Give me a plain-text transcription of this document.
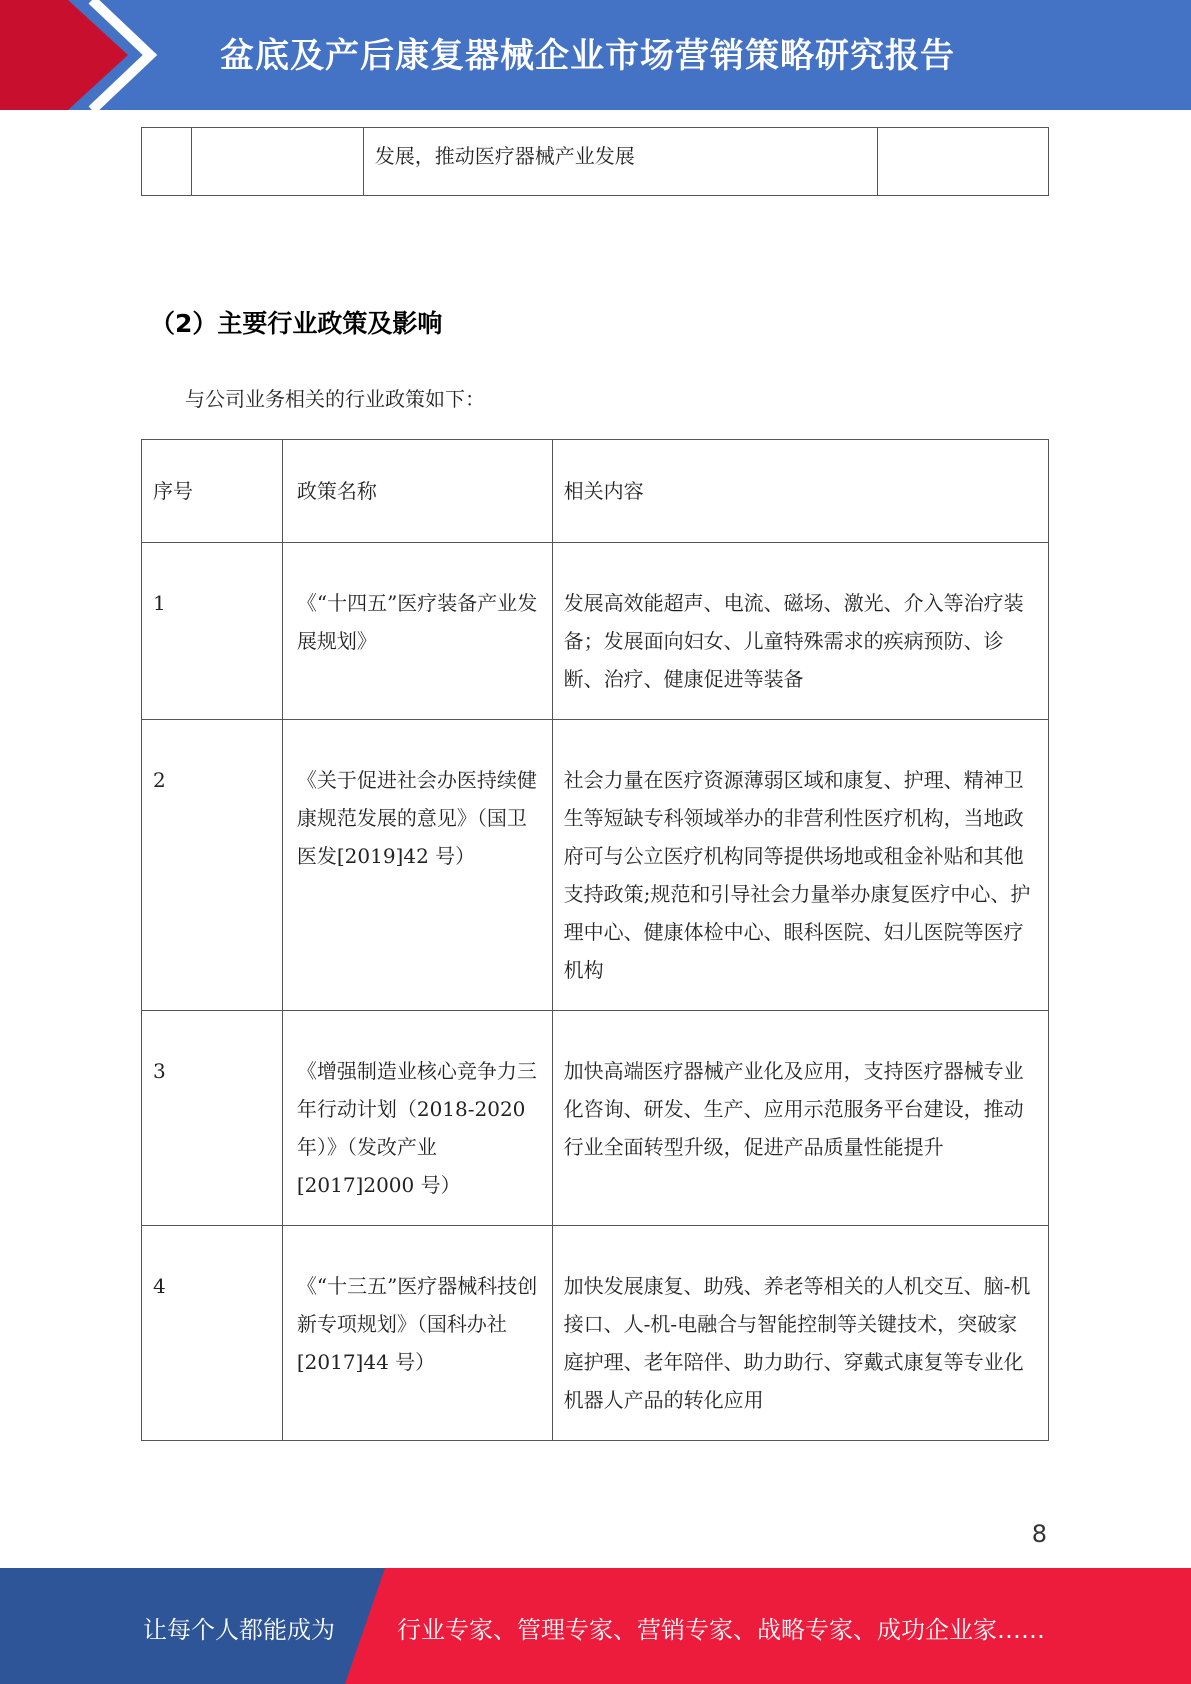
盆底及产后康复器械企业市场营销策略研究报告
		发展，推动医疗器械产业发展	
（2）主要行业政策及影响
与公司业务相关的行业政策如下：
序号	政策名称	相关内容
1	《“十四五”医疗装备产业发展规划》	发展高效能超声、电流、磁场、激光、介入等治疗装备；发展面向妇女、儿童特殊需求的疾病预防、诊断、治疗、健康促进等装备
2	《关于促进社会办医持续健康规范发展的意见》（国卫医发[2019]42 号）	社会力量在医疗资源薄弱区域和康复、护理、精神卫生等短缺专科领域举办的非营利性医疗机构，当地政府可与公立医疗机构同等提供场地或租金补贴和其他支持政策;规范和引导社会力量举办康复医疗中心、护理中心、健康体检中心、眼科医院、妇儿医院等医疗机构
3	《增强制造业核心竞争力三年行动计划（2018-2020年）》（发改产业[2017]2000 号）	加快高端医疗器械产业化及应用，支持医疗器械专业化咨询、研发、生产、应用示范服务平台建设，推动行业全面转型升级，促进产品质量性能提升
4	《“十三五”医疗器械科技创新专项规划》（国科办社[2017]44 号）	加快发展康复、助残、养老等相关的人机交互、脑-机接口、人-机-电融合与智能控制等关键技术，突破家庭护理、老年陪伴、助力助行、穿戴式康复等专业化机器人产品的转化应用
8
让每个人都能成为	行业专家、管理专家、营销专家、战略专家、成功企业家……
